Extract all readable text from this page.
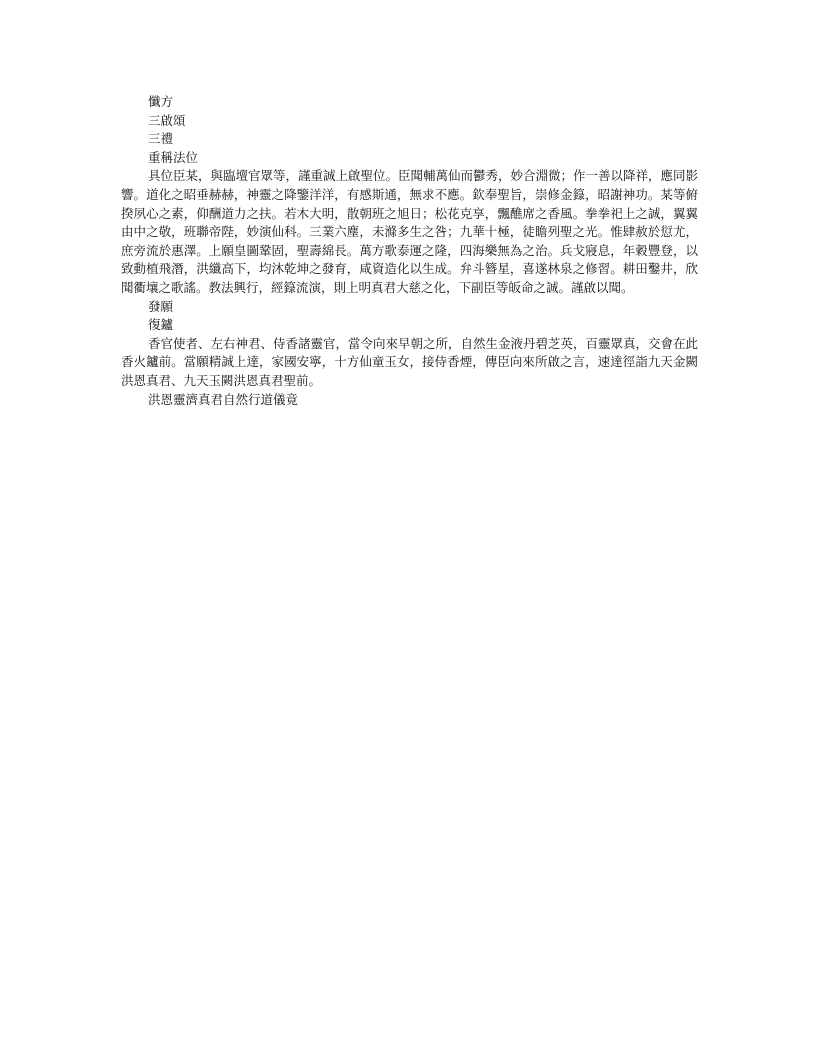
懺方

三啟頌

三禮

重稱法位

具位臣某，與臨壇官眾等，謹重誠上啟聖位。臣聞輔萬仙而鬱秀，妙合淵微；作一善以降祥，應同影響。道化之昭垂赫赫，神靈之降鑒洋洋，有感斯通，無求不應。欽奉聖旨，崇修金籙，昭謝神功。某等俯揆夙心之素，仰酬道力之扶。若木大明，散朝班之旭日；松花克享，飄醮席之香風。拳拳祀上之誠，翼翼由中之敬，班聯帝陛，妙演仙科。三業六塵，未滌多生之咎；九華十極，徒瞻列聖之光。惟肆赦於愆尤，庶旁流於惠澤。上願皇圖鞏固，聖壽綿長。萬方歌泰運之隆，四海樂無為之治。兵戈寢息，年穀豐登，以致動植飛潛，洪纖高下，均沐乾坤之發育，咸資造化以生成。弁斗簪星，喜遂林泉之修習。耕田鑿井，欣聞衢壤之歌謠。教法興行，經籙流演，則上明真君大慈之化，下副臣等皈命之誠。謹啟以聞。

發願

復鑪

香官使者、左右神君、侍香諸靈官，當令向來早朝之所，自然生金液丹碧芝英，百靈眾真，交會在此香火鑪前。當願精誠上達，家國安寧，十方仙童玉女，接侍香煙，傳臣向來所啟之言，速達徑詣九天金闕洪恩真君、九天玉闕洪恩真君聖前。

洪恩靈濟真君自然行道儀竟
